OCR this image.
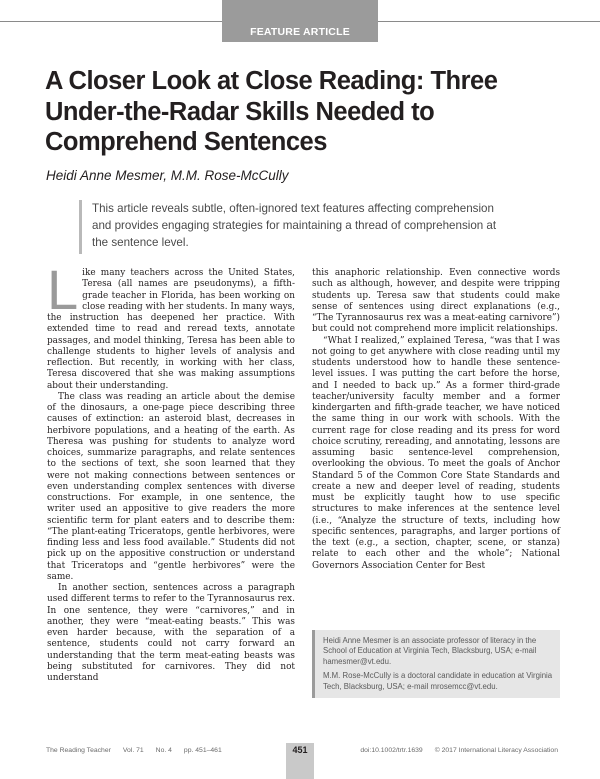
FEATURE ARTICLE
A Closer Look at Close Reading: Three Under-the-Radar Skills Needed to Comprehend Sentences
Heidi Anne Mesmer, M.M. Rose-McCully
This article reveals subtle, often-ignored text features affecting comprehension and provides engaging strategies for maintaining a thread of comprehension at the sentence level.

Like many teachers across the United States, Teresa (all names are pseudonyms), a fifth-grade teacher in Florida, has been working on close reading with her students. In many ways, the instruction has deepened her practice. With extended time to read and reread texts, annotate passages, and model thinking, Teresa has been able to challenge students to higher levels of analysis and reflection. But recently, in working with her class, Teresa discovered that she was making assumptions about their understanding.

The class was reading an article about the demise of the dinosaurs, a one-page piece describing three causes of extinction: an asteroid blast, decreases in herbivore populations, and a heating of the earth. As Theresa was pushing for students to analyze word choices, summarize paragraphs, and relate sentences to the sections of text, she soon learned that they were not making connections between sentences or even understanding complex sentences with diverse constructions. For example, in one sentence, the writer used an appositive to give readers the more scientific term for plant eaters and to describe them: “The plant-eating Triceratops, gentle herbivores, were finding less and less food available.” Students did not pick up on the appositive construction or understand that Triceratops and “gentle herbivores” were the same.

In another section, sentences across a paragraph used different terms to refer to the Tyrannosaurus rex. In one sentence, they were “carnivores,” and in another, they were “meat-eating beasts.” This was even harder because, with the separation of a sentence, students could not carry forward an understanding that the term meat-eating beasts was being substituted for carnivores. They did not understand

this anaphoric relationship. Even connective words such as although, however, and despite were tripping students up. Teresa saw that students could make sense of sentences using direct explanations (e.g., “The Tyrannosaurus rex was a meat-eating carnivore”) but could not comprehend more implicit relationships.

“What I realized,” explained Teresa, “was that I was not going to get anywhere with close reading until my students understood how to handle these sentence-level issues. I was putting the cart before the horse, and I needed to back up.” As a former third-grade teacher/university faculty member and a former kindergarten and fifth-grade teacher, we have noticed the same thing in our work with schools. With the current rage for close reading and its press for word choice scrutiny, rereading, and annotating, lessons are assuming basic sentence-level comprehension, overlooking the obvious. To meet the goals of Anchor Standard 5 of the Common Core State Standards and create a new and deeper level of reading, students must be explicitly taught how to use specific structures to make inferences at the sentence level (i.e., “Analyze the structure of texts, including how specific sentences, paragraphs, and larger portions of the text (e.g., a section, chapter, scene, or stanza) relate to each other and the whole”; National Governors Association Center for Best

Heidi Anne Mesmer is an associate professor of literacy in the School of Education at Virginia Tech, Blacksburg, USA; e-mail hamesmer@vt.edu.

M.M. Rose-McCully is a doctoral candidate in education at Virginia Tech, Blacksburg, USA; e-mail mrosemcc@vt.edu.

The Reading Teacher Vol. 71 No. 4 pp. 451–461	451	doi:10.1002/trtr.1639 © 2017 International Literacy Association
